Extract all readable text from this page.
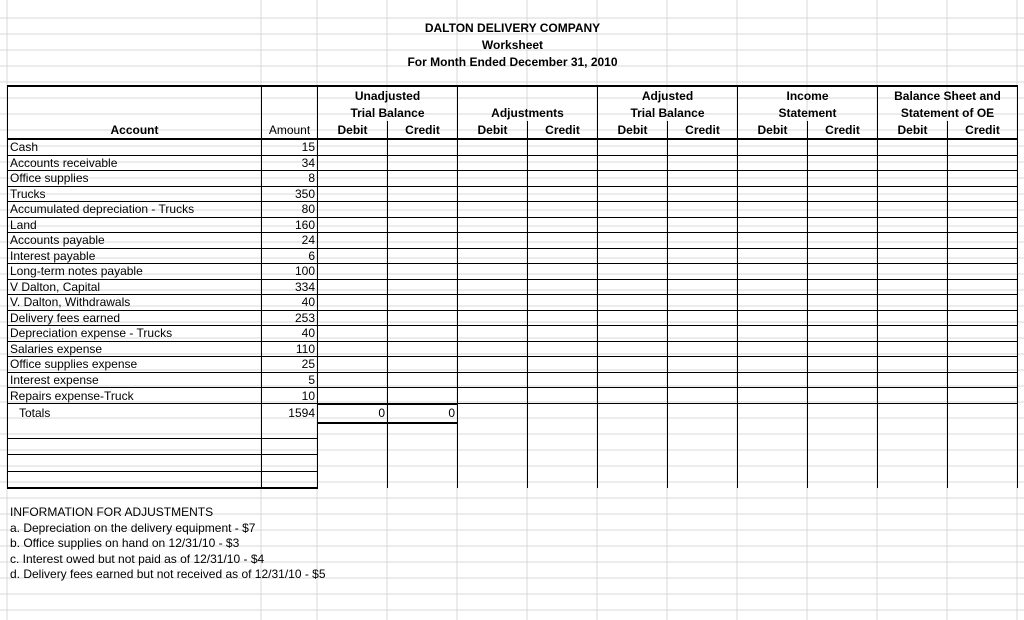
DALTON DELIVERY COMPANY
Worksheet
For Month Ended December 31, 2010
		Unadjusted				Adjusted		Income		Balance Sheet and	
		Trial Balance		Adjustments		Trial Balance		Statement		Statement of OE	
Account	Amount	Debit	Credit	Debit	Credit	Debit	Credit	Debit	Credit	Debit	Credit
Cash	15										
Accounts receivable	34										
Office supplies	8										
Trucks	350										
Accumulated depreciation - Trucks	80										
Land	160										
Accounts payable	24										
Interest payable	6										
Long-term notes payable	100										
V Dalton, Capital	334										
V. Dalton, Withdrawals	40										
Delivery fees earned	253										
Depreciation expense - Trucks	40										
Salaries expense	110										
Office supplies expense	25										
Interest expense	5										
Repairs expense-Truck	10										
Totals	1594	0	0								

INFORMATION FOR ADJUSTMENTS
a. Depreciation on the delivery equipment - $7
b. Office supplies on hand on 12/31/10 - $3
c. Interest owed but not paid as of 12/31/10 - $4
d. Delivery fees earned but not received as of 12/31/10 - $5
